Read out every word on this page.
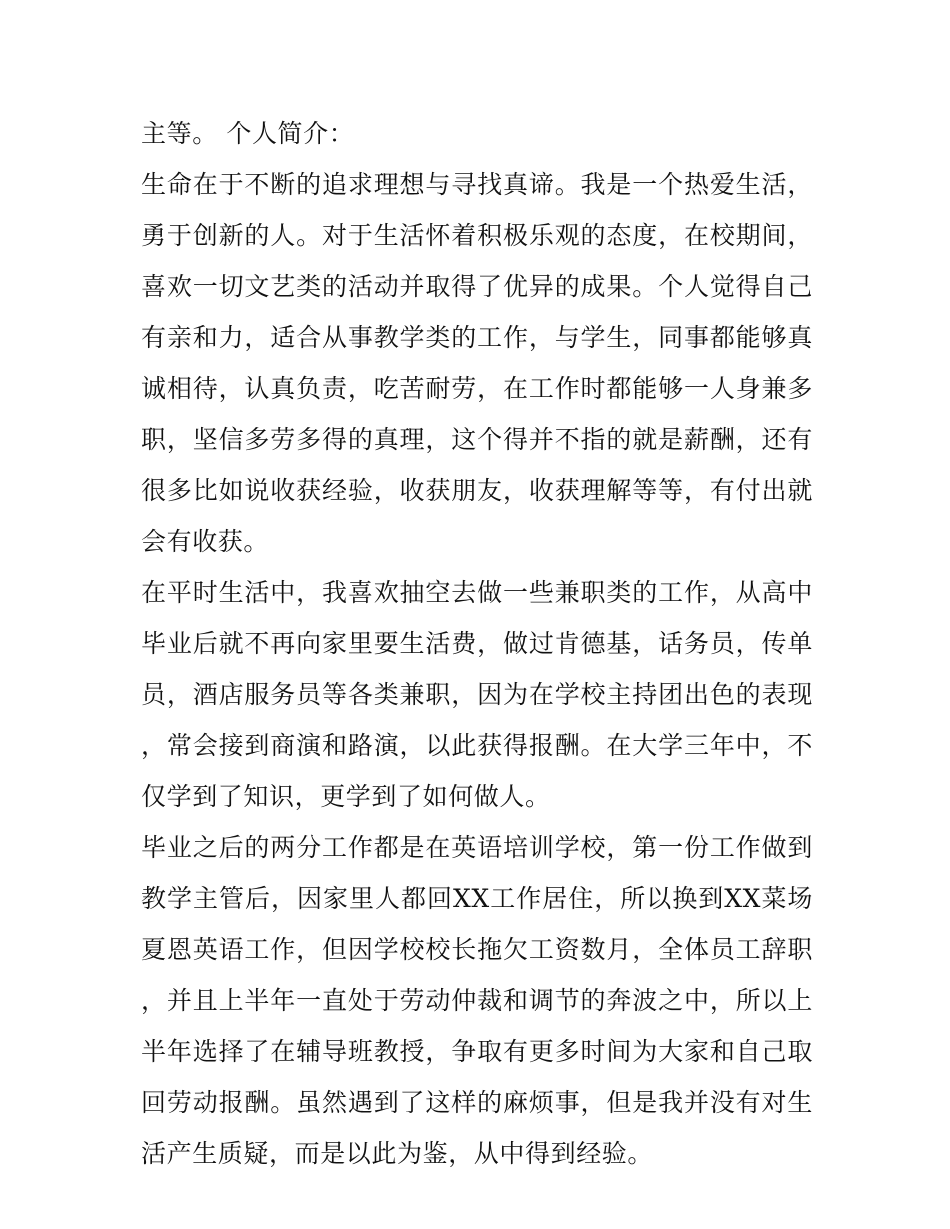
主等。 个人简介：

生命在于不断的追求理想与寻找真谛。我是一个热爱生活，勇于创新的人。对于生活怀着积极乐观的态度，在校期间，喜欢一切文艺类的活动并取得了优异的成果。个人觉得自己有亲和力，适合从事教学类的工作，与学生，同事都能够真诚相待，认真负责，吃苦耐劳，在工作时都能够一人身兼多职，坚信多劳多得的真理，这个得并不指的就是薪酬，还有很多比如说收获经验，收获朋友，收获理解等等，有付出就会有收获。

在平时生活中，我喜欢抽空去做一些兼职类的工作，从高中毕业后就不再向家里要生活费，做过肯德基，话务员，传单员，酒店服务员等各类兼职，因为在学校主持团出色的表现，常会接到商演和路演，以此获得报酬。在大学三年中，不仅学到了知识，更学到了如何做人。

毕业之后的两分工作都是在英语培训学校，第一份工作做到教学主管后，因家里人都回XX工作居住，所以换到XX菜场夏恩英语工作，但因学校校长拖欠工资数月，全体员工辞职，并且上半年一直处于劳动仲裁和调节的奔波之中，所以上半年选择了在辅导班教授，争取有更多时间为大家和自己取回劳动报酬。虽然遇到了这样的麻烦事，但是我并没有对生活产生质疑，而是以此为鉴，从中得到经验。
